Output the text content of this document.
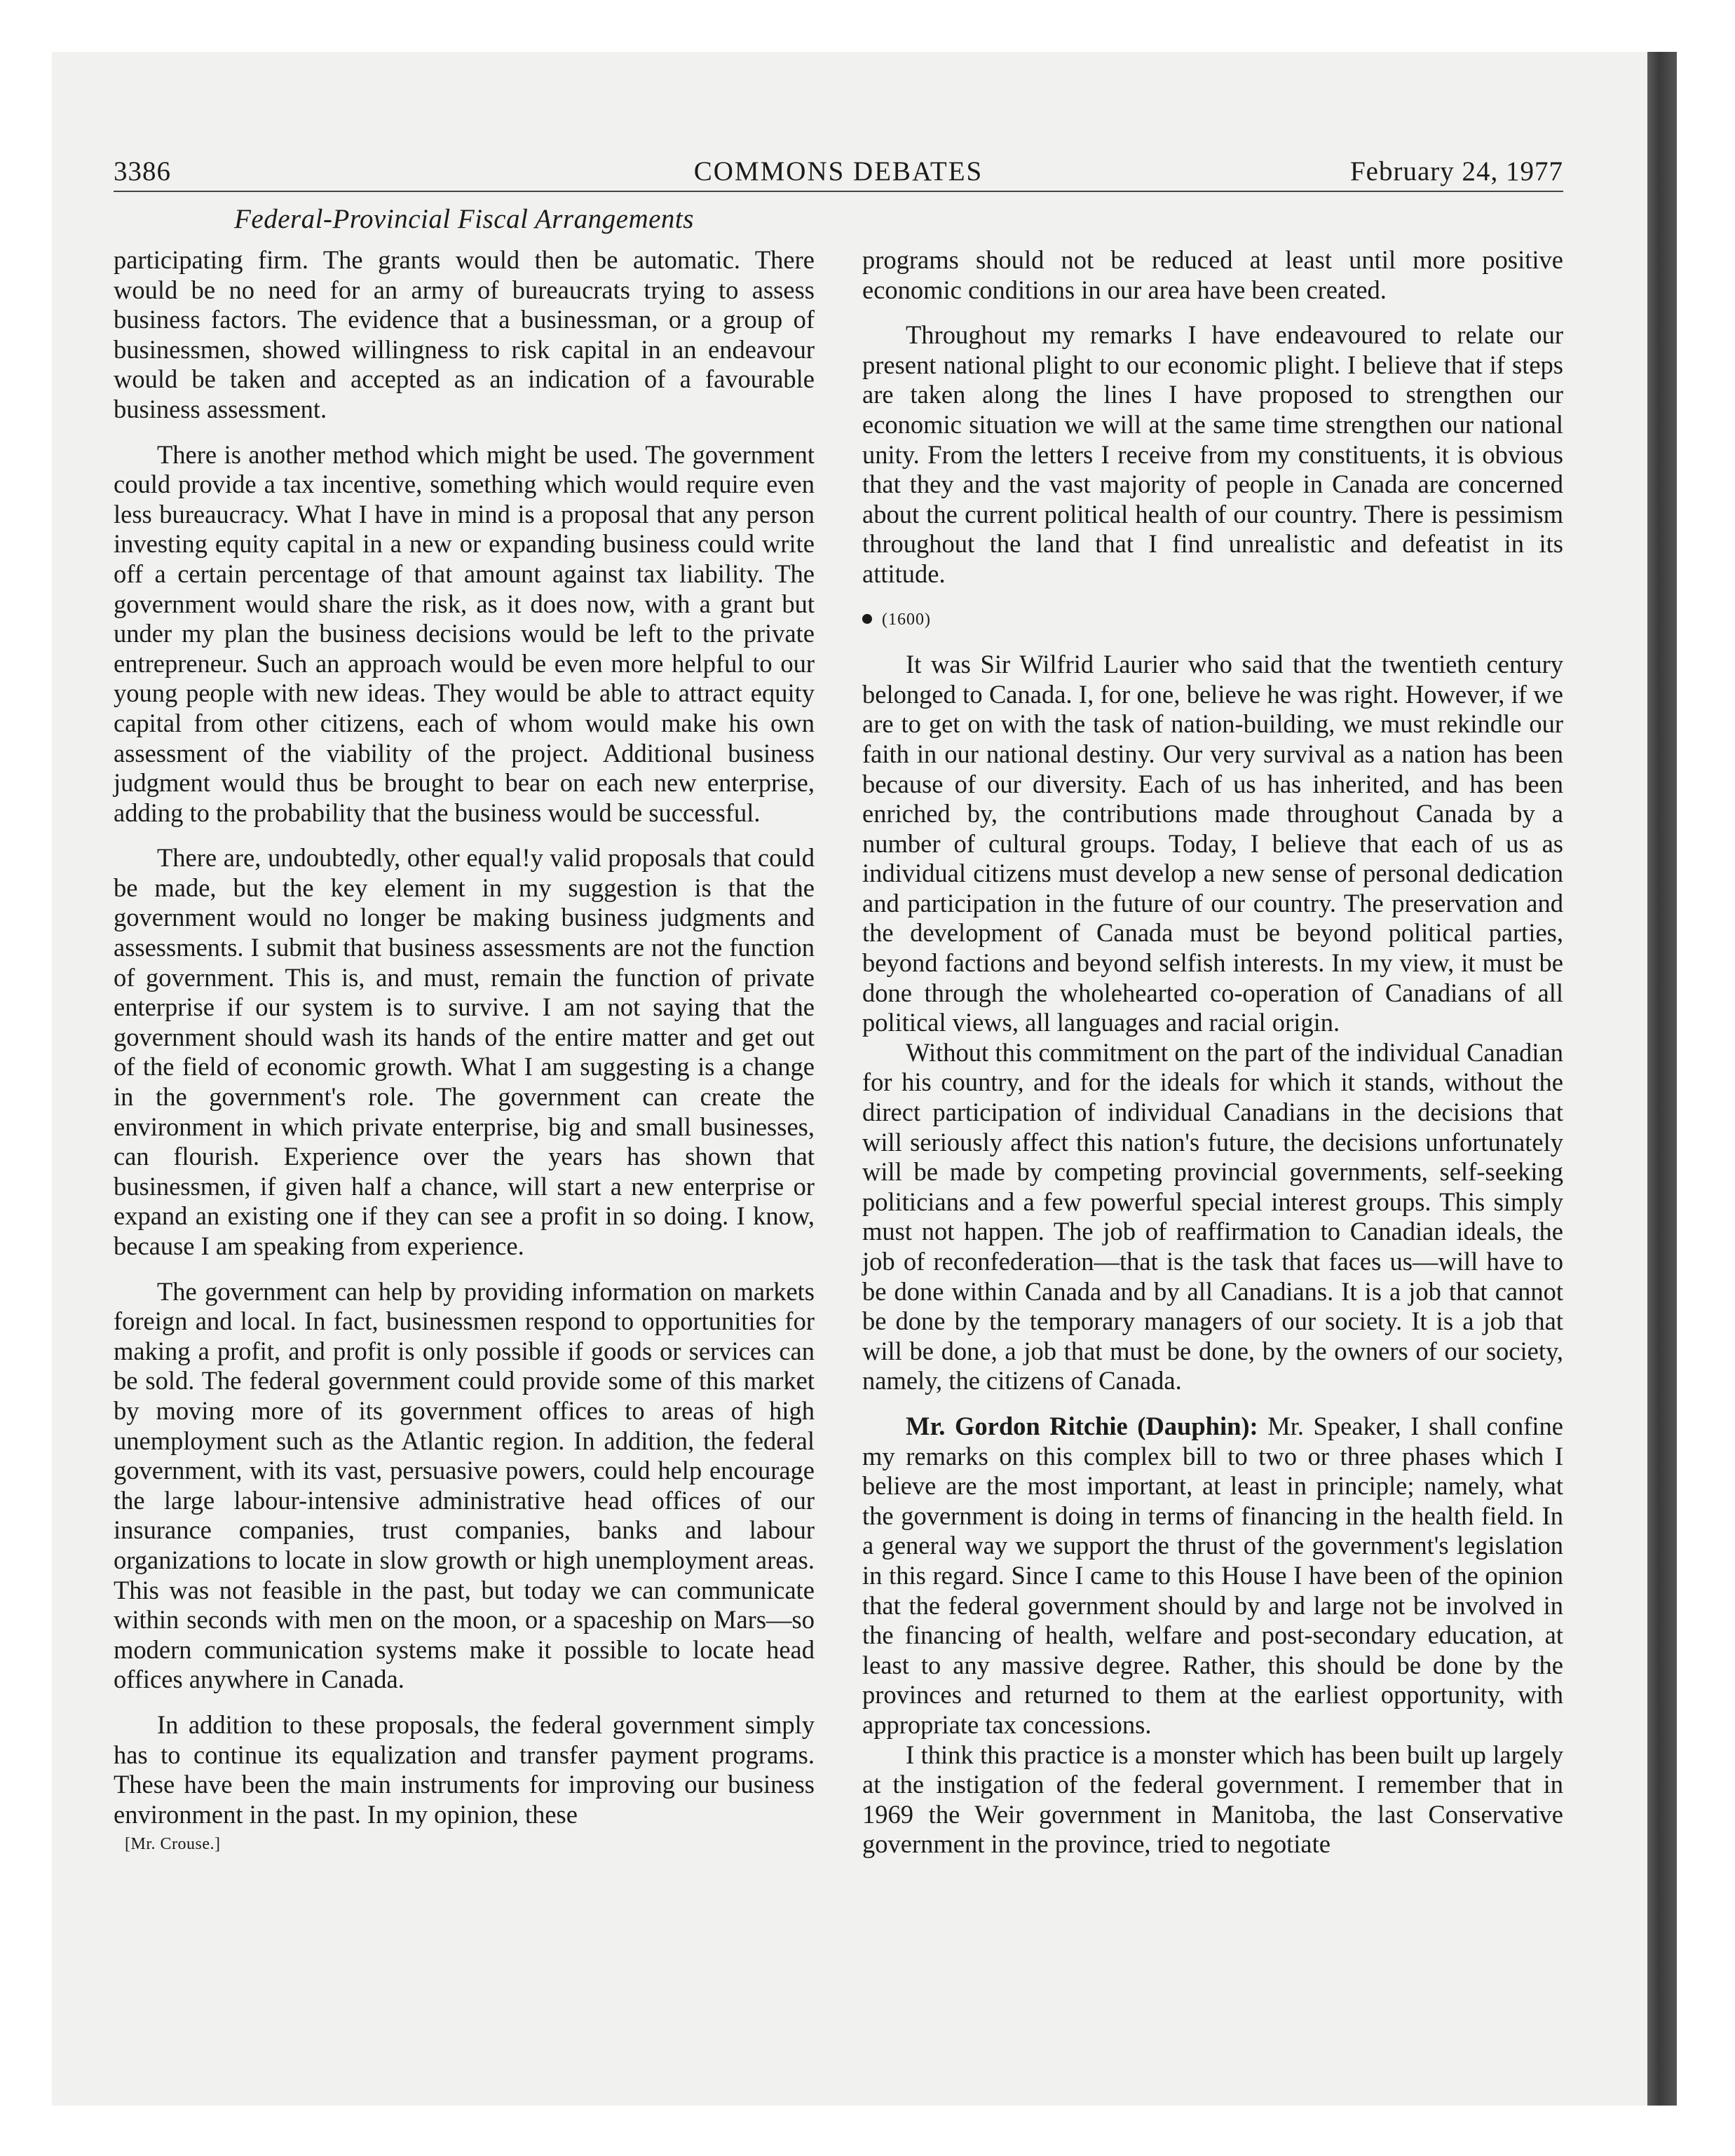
3386	COMMONS DEBATES	February 24, 1977
Federal-Provincial Fiscal Arrangements

participating firm. The grants would then be automatic. There would be no need for an army of bureaucrats trying to assess business factors. The evidence that a businessman, or a group of businessmen, showed willingness to risk capital in an endeavour would be taken and accepted as an indication of a favourable business assessment.

There is another method which might be used. The government could provide a tax incentive, something which would require even less bureaucracy. What I have in mind is a proposal that any person investing equity capital in a new or expanding business could write off a certain percentage of that amount against tax liability. The government would share the risk, as it does now, with a grant but under my plan the business decisions would be left to the private entrepreneur. Such an approach would be even more helpful to our young people with new ideas. They would be able to attract equity capital from other citizens, each of whom would make his own assessment of the viability of the project. Additional business judgment would thus be brought to bear on each new enterprise, adding to the probability that the business would be successful.

There are, undoubtedly, other equal!y valid proposals that could be made, but the key element in my suggestion is that the government would no longer be making business judgments and assessments. I submit that business assessments are not the function of government. This is, and must, remain the function of private enterprise if our system is to survive. I am not saying that the government should wash its hands of the entire matter and get out of the field of economic growth. What I am suggesting is a change in the government's role. The government can create the environment in which private enterprise, big and small businesses, can flourish. Experience over the years has shown that businessmen, if given half a chance, will start a new enterprise or expand an existing one if they can see a profit in so doing. I know, because I am speaking from experience.

The government can help by providing information on markets foreign and local. In fact, businessmen respond to opportunities for making a profit, and profit is only possible if goods or services can be sold. The federal government could provide some of this market by moving more of its government offices to areas of high unemployment such as the Atlantic region. In addition, the federal government, with its vast, persuasive powers, could help encourage the large labour-intensive administrative head offices of our insurance companies, trust companies, banks and labour organizations to locate in slow growth or high unemployment areas. This was not feasible in the past, but today we can communicate within seconds with men on the moon, or a spaceship on Mars—so modern communication systems make it possible to locate head offices anywhere in Canada.

In addition to these proposals, the federal government simply has to continue its equalization and transfer payment programs. These have been the main instruments for improving our business environment in the past. In my opinion, these

programs should not be reduced at least until more positive economic conditions in our area have been created.

Throughout my remarks I have endeavoured to relate our present national plight to our economic plight. I believe that if steps are taken along the lines I have proposed to strengthen our economic situation we will at the same time strengthen our national unity. From the letters I receive from my constituents, it is obvious that they and the vast majority of people in Canada are concerned about the current political health of our country. There is pessimism throughout the land that I find unrealistic and defeatist in its attitude.

(1600)

It was Sir Wilfrid Laurier who said that the twentieth century belonged to Canada. I, for one, believe he was right. However, if we are to get on with the task of nation-building, we must rekindle our faith in our national destiny. Our very survival as a nation has been because of our diversity. Each of us has inherited, and has been enriched by, the contributions made throughout Canada by a number of cultural groups. Today, I believe that each of us as individual citizens must develop a new sense of personal dedication and participation in the future of our country. The preservation and the development of Canada must be beyond political parties, beyond factions and beyond selfish interests. In my view, it must be done through the wholehearted co-operation of Canadians of all political views, all languages and racial origin.

Without this commitment on the part of the individual Canadian for his country, and for the ideals for which it stands, without the direct participation of individual Canadians in the decisions that will seriously affect this nation's future, the decisions unfortunately will be made by competing provincial governments, self-seeking politicians and a few powerful special interest groups. This simply must not happen. The job of reaffirmation to Canadian ideals, the job of reconfederation—that is the task that faces us—will have to be done within Canada and by all Canadians. It is a job that cannot be done by the temporary managers of our society. It is a job that will be done, a job that must be done, by the owners of our society, namely, the citizens of Canada.

Mr. Gordon Ritchie (Dauphin): Mr. Speaker, I shall confine my remarks on this complex bill to two or three phases which I believe are the most important, at least in principle; namely, what the government is doing in terms of financing in the health field. In a general way we support the thrust of the government's legislation in this regard. Since I came to this House I have been of the opinion that the federal government should by and large not be involved in the financing of health, welfare and post-secondary education, at least to any massive degree. Rather, this should be done by the provinces and returned to them at the earliest opportunity, with appropriate tax concessions.

I think this practice is a monster which has been built up largely at the instigation of the federal government. I remember that in 1969 the Weir government in Manitoba, the last Conservative government in the province, tried to negotiate

[Mr. Crouse.]
